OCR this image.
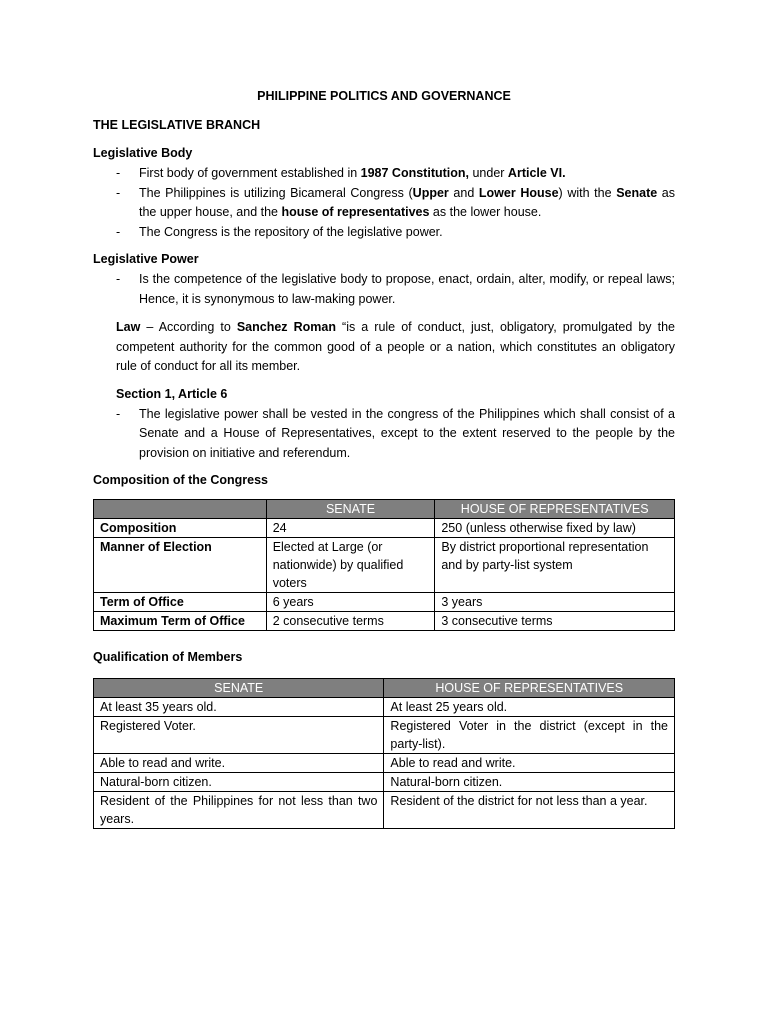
PHILIPPINE POLITICS AND GOVERNANCE
THE LEGISLATIVE BRANCH
Legislative Body
- First body of government established in 1987 Constitution, under Article VI.
- The Philippines is utilizing Bicameral Congress (Upper and Lower House) with the Senate as the upper house, and the house of representatives as the lower house.
- The Congress is the repository of the legislative power.
Legislative Power
- Is the competence of the legislative body to propose, enact, ordain, alter, modify, or repeal laws; Hence, it is synonymous to law-making power.

Law – According to Sanchez Roman “is a rule of conduct, just, obligatory, promulgated by the competent authority for the common good of a people or a nation, which constitutes an obligatory rule of conduct for all its member.

Section 1, Article 6
- The legislative power shall be vested in the congress of the Philippines which shall consist of a Senate and a House of Representatives, except to the extent reserved to the people by the provision on initiative and referendum.
Composition of the Congress
	SENATE	HOUSE OF REPRESENTATIVES
Composition	24	250 (unless otherwise fixed by law)
Manner of Election	Elected at Large (or nationwide) by qualified voters	By district proportional representation and by party-list system
Term of Office	6 years	3 years
Maximum Term of Office	2 consecutive terms	3 consecutive terms
Qualification of Members
SENATE	HOUSE OF REPRESENTATIVES
At least 35 years old.	At least 25 years old.
Registered Voter.	Registered Voter in the district (except in the party-list).
Able to read and write.	Able to read and write.
Natural-born citizen.	Natural-born citizen.
Resident of the Philippines for not less than two years.	Resident of the district for not less than a year.
